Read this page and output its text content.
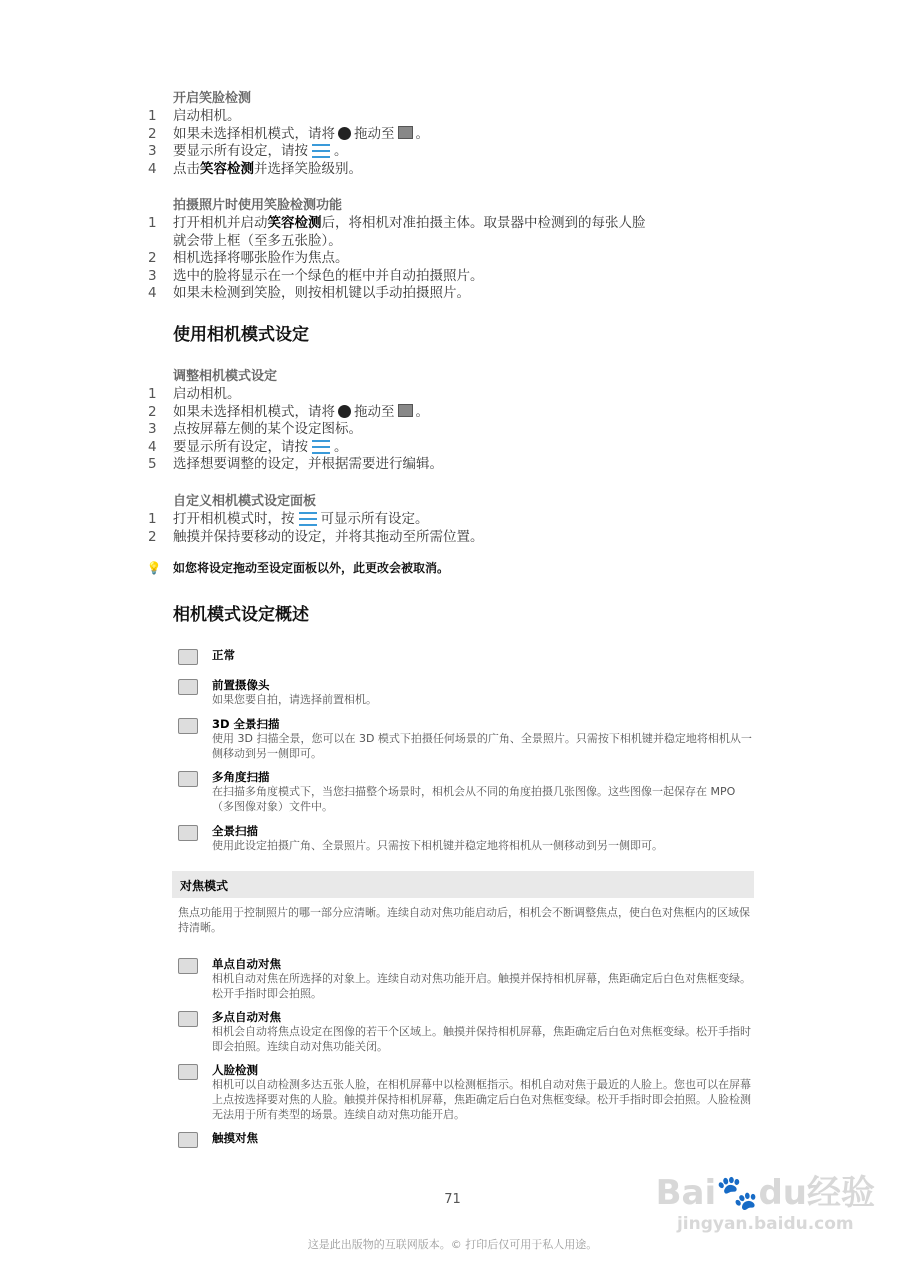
开启笑脸检测
1 启动相机。
2 如果未选择相机模式，请将 拖动至 。
3 要显示所有设定，请按 。
4 点击笑容检测并选择笑脸级别。
拍摄照片时使用笑脸检测功能
1 打开相机并启动笑容检测后，将相机对准拍摄主体。取景器中检测到的每张人脸
就会带上框（至多五张脸）。
2 相机选择将哪张脸作为焦点。
3 选中的脸将显示在一个绿色的框中并自动拍摄照片。
4 如果未检测到笑脸，则按相机键以手动拍摄照片。
使用相机模式设定
调整相机模式设定
1 启动相机。
2 如果未选择相机模式，请将 拖动至 。
3 点按屏幕左侧的某个设定图标。
4 要显示所有设定，请按 。
5 选择想要调整的设定，并根据需要进行编辑。
自定义相机模式设定面板
1 打开相机模式时，按 可显示所有设定。
2 触摸并保持要移动的设定，并将其拖动至所需位置。
相机模式设定概述
💡 如您将设定拖动至设定面板以外，此更改会被取消。
正常
前置摄像头
如果您要自拍，请选择前置相机。
3D 全景扫描
使用 3D 扫描全景，您可以在 3D 模式下拍摄任何场景的广角、全景照片。只需按下相机键并稳定地将相机从一侧移动到另一侧即可。
多角度扫描
在扫描多角度模式下，当您扫描整个场景时，相机会从不同的角度拍摄几张图像。这些图像一起保存在 MPO（多图像对象）文件中。
全景扫描
使用此设定拍摄广角、全景照片。只需按下相机键并稳定地将相机从一侧移动到另一侧即可。
对焦模式
焦点功能用于控制照片的哪一部分应清晰。连续自动对焦功能启动后，相机会不断调整焦点，使白色对焦框内的区域保持清晰。
单点自动对焦
相机自动对焦在所选择的对象上。连续自动对焦功能开启。触摸并保持相机屏幕，焦距确定后白色对焦框变绿。松开手指时即会拍照。
多点自动对焦
相机会自动将焦点设定在图像的若干个区域上。触摸并保持相机屏幕，焦距确定后白色对焦框变绿。松开手指时即会拍照。连续自动对焦功能关闭。
人脸检测
相机可以自动检测多达五张人脸，在相机屏幕中以检测框指示。相机自动对焦于最近的人脸上。您也可以在屏幕上点按选择要对焦的人脸。触摸并保持相机屏幕，焦距确定后白色对焦框变绿。松开手指时即会拍照。人脸检测无法用于所有类型的场景。连续自动对焦功能开启。
触摸对焦
71
这是此出版物的互联网版本。© 打印后仅可用于私人用途。
Bai🐾du经验
jingyan.baidu.com
